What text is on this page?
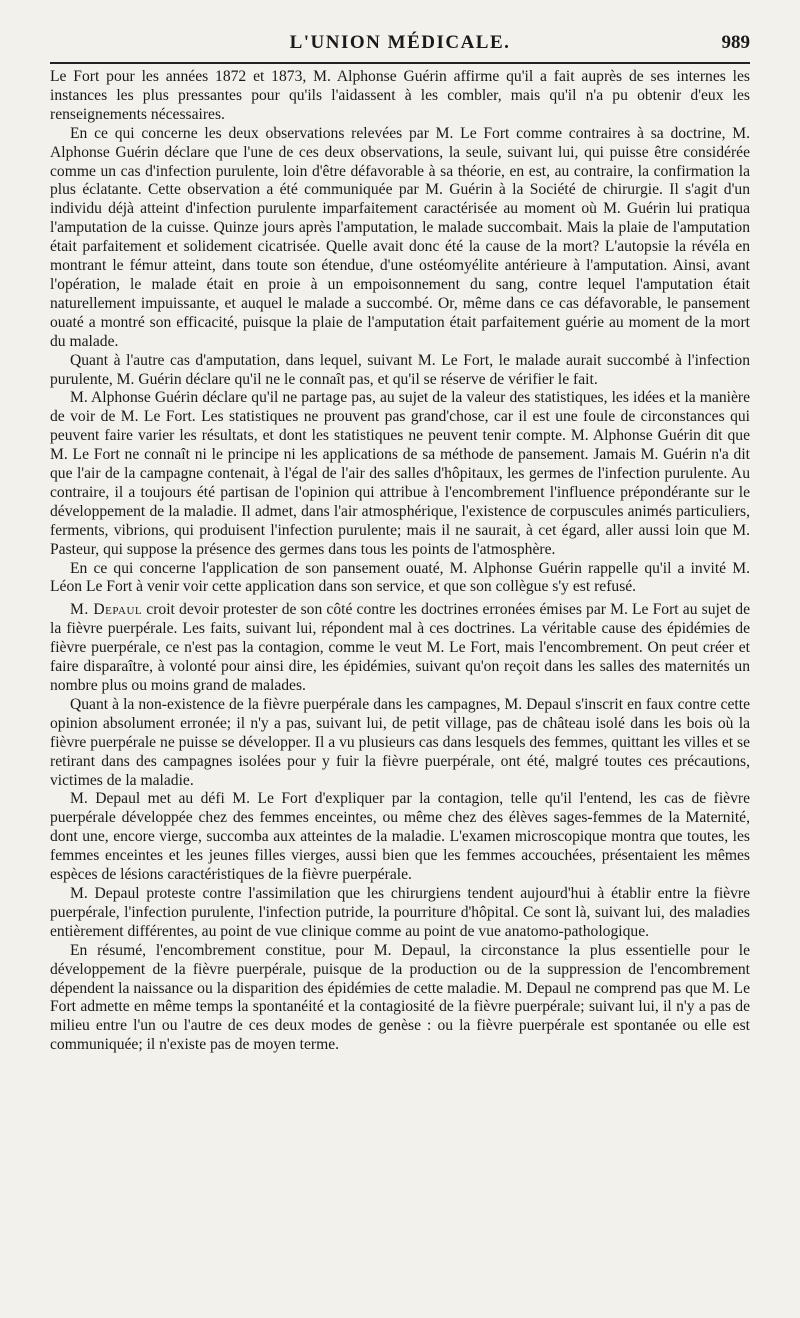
L'UNION MÉDICALE.	989

Le Fort pour les années 1872 et 1873, M. Alphonse Guérin affirme qu'il a fait auprès de ses internes les instances les plus pressantes pour qu'ils l'aidassent à les combler, mais qu'il n'a pu obtenir d'eux les renseignements nécessaires.

En ce qui concerne les deux observations relevées par M. Le Fort comme contraires à sa doctrine, M. Alphonse Guérin déclare que l'une de ces deux observations, la seule, suivant lui, qui puisse être considérée comme un cas d'infection purulente, loin d'être défavorable à sa théorie, en est, au contraire, la confirmation la plus éclatante. Cette observation a été communiquée par M. Guérin à la Société de chirurgie. Il s'agit d'un individu déjà atteint d'infection purulente imparfaitement caractérisée au moment où M. Guérin lui pratiqua l'amputation de la cuisse. Quinze jours après l'amputation, le malade succombait. Mais la plaie de l'amputation était parfaitement et solidement cicatrisée. Quelle avait donc été la cause de la mort? L'autopsie la révéla en montrant le fémur atteint, dans toute son étendue, d'une ostéomyélite antérieure à l'amputation. Ainsi, avant l'opération, le malade était en proie à un empoisonnement du sang, contre lequel l'amputation était naturellement impuissante, et auquel le malade a succombé. Or, même dans ce cas défavorable, le pansement ouaté a montré son efficacité, puisque la plaie de l'amputation était parfaitement guérie au moment de la mort du malade.

Quant à l'autre cas d'amputation, dans lequel, suivant M. Le Fort, le malade aurait succombé à l'infection purulente, M. Guérin déclare qu'il ne le connaît pas, et qu'il se réserve de vérifier le fait.

M. Alphonse Guérin déclare qu'il ne partage pas, au sujet de la valeur des statistiques, les idées et la manière de voir de M. Le Fort. Les statistiques ne prouvent pas grand'chose, car il est une foule de circonstances qui peuvent faire varier les résultats, et dont les statistiques ne peuvent tenir compte. M. Alphonse Guérin dit que M. Le Fort ne connaît ni le principe ni les applications de sa méthode de pansement. Jamais M. Guérin n'a dit que l'air de la campagne contenait, à l'égal de l'air des salles d'hôpitaux, les germes de l'infection purulente. Au contraire, il a toujours été partisan de l'opinion qui attribue à l'encombrement l'influence prépondérante sur le développement de la maladie. Il admet, dans l'air atmosphérique, l'existence de corpuscules animés particuliers, ferments, vibrions, qui produisent l'infection purulente; mais il ne saurait, à cet égard, aller aussi loin que M. Pasteur, qui suppose la présence des germes dans tous les points de l'atmosphère.

En ce qui concerne l'application de son pansement ouaté, M. Alphonse Guérin rappelle qu'il a invité M. Léon Le Fort à venir voir cette application dans son service, et que son collègue s'y est refusé.

M. Depaul croit devoir protester de son côté contre les doctrines erronées émises par M. Le Fort au sujet de la fièvre puerpérale. Les faits, suivant lui, répondent mal à ces doctrines. La véritable cause des épidémies de fièvre puerpérale, ce n'est pas la contagion, comme le veut M. Le Fort, mais l'encombrement. On peut créer et faire disparaître, à volonté pour ainsi dire, les épidémies, suivant qu'on reçoit dans les salles des maternités un nombre plus ou moins grand de malades.

Quant à la non-existence de la fièvre puerpérale dans les campagnes, M. Depaul s'inscrit en faux contre cette opinion absolument erronée; il n'y a pas, suivant lui, de petit village, pas de château isolé dans les bois où la fièvre puerpérale ne puisse se développer. Il a vu plusieurs cas dans lesquels des femmes, quittant les villes et se retirant dans des campagnes isolées pour y fuir la fièvre puerpérale, ont été, malgré toutes ces précautions, victimes de la maladie.

M. Depaul met au défi M. Le Fort d'expliquer par la contagion, telle qu'il l'entend, les cas de fièvre puerpérale développée chez des femmes enceintes, ou même chez des élèves sages-femmes de la Maternité, dont une, encore vierge, succomba aux atteintes de la maladie. L'examen microscopique montra que toutes, les femmes enceintes et les jeunes filles vierges, aussi bien que les femmes accouchées, présentaient les mêmes espèces de lésions caractéristiques de la fièvre puerpérale.

M. Depaul proteste contre l'assimilation que les chirurgiens tendent aujourd'hui à établir entre la fièvre puerpérale, l'infection purulente, l'infection putride, la pourriture d'hôpital. Ce sont là, suivant lui, des maladies entièrement différentes, au point de vue clinique comme au point de vue anatomo-pathologique.

En résumé, l'encombrement constitue, pour M. Depaul, la circonstance la plus essentielle pour le développement de la fièvre puerpérale, puisque de la production ou de la suppression de l'encombrement dépendent la naissance ou la disparition des épidémies de cette maladie. M. Depaul ne comprend pas que M. Le Fort admette en même temps la spontanéité et la contagiosité de la fièvre puerpérale; suivant lui, il n'y a pas de milieu entre l'un ou l'autre de ces deux modes de genèse : ou la fièvre puerpérale est spontanée ou elle est communiquée; il n'existe pas de moyen terme.
